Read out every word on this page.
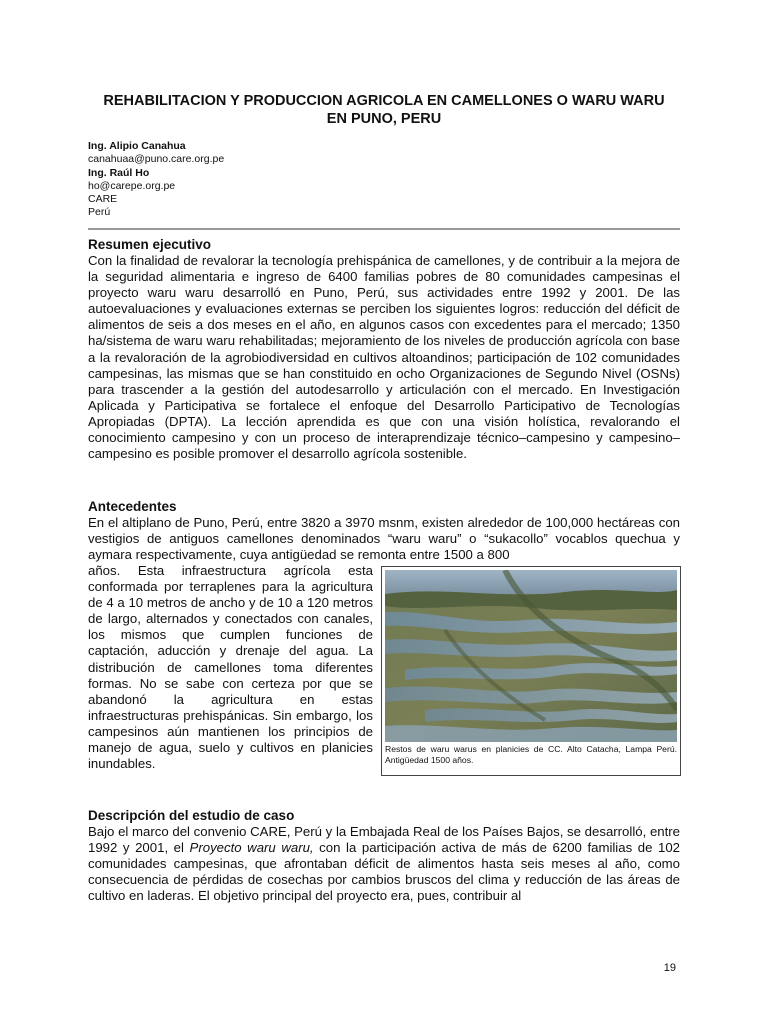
REHABILITACION Y PRODUCCION AGRICOLA EN CAMELLONES O WARU WARU
EN PUNO, PERU
Ing. Alipio Canahua
canahuaa@puno.care.org.pe
Ing. Raúl Ho
ho@carepe.org.pe
CARE
Perú
Resumen ejecutivo

Con la finalidad de revalorar la tecnología prehispánica de camellones, y de contribuir a la mejora de la seguridad alimentaria e ingreso de 6400 familias pobres de 80 comunidades campesinas el proyecto waru waru desarrolló en Puno, Perú, sus actividades entre 1992 y 2001. De las autoevaluaciones y evaluaciones externas se perciben los siguientes logros: reducción del déficit de alimentos de seis a dos meses en el año, en algunos casos con excedentes para el mercado; 1350 ha/sistema de waru waru rehabilitadas; mejoramiento de los niveles de producción agrícola con base a la revaloración de la agrobiodiversidad en cultivos altoandinos; participación de 102 comunidades campesinas, las mismas que se han constituido en ocho Organizaciones de Segundo Nivel (OSNs) para trascender a la gestión del autodesarrollo y articulación con el mercado. En Investigación Aplicada y Participativa se fortalece el enfoque del Desarrollo Participativo de Tecnologías Apropiadas (DPTA). La lección aprendida es que con una visión holística, revalorando el conocimiento campesino y con un proceso de interaprendizaje técnico–campesino y campesino–campesino es posible promover el desarrollo agrícola sostenible.

Antecedentes

En el altiplano de Puno, Perú, entre 3820 a 3970 msnm, existen alrededor de 100,000 hectáreas con vestigios de antiguos camellones denominados “waru waru” o “sukacollo” vocablos quechua y aymara respectivamente, cuya antigüedad se remonta entre 1500 a 800

años. Esta infraestructura agrícola esta conformada por terraplenes para la agricultura de 4 a 10 metros de ancho y de 10 a 120 metros de largo, alternados y conectados con canales, los mismos que cumplen funciones de captación, aducción y drenaje del agua. La distribución de camellones toma diferentes formas. No se sabe con certeza por que se abandonó la agricultura en estas infraestructuras prehispánicas. Sin embargo, los campesinos aún mantienen los principios de manejo de agua, suelo y cultivos en planicies inundables.

Restos de waru warus en planicies de CC. Alto Catacha, Lampa Perú. Antigüedad 1500 años.
Descripción del estudio de caso

Bajo el marco del convenio CARE, Perú y la Embajada Real de los Países Bajos, se desarrolló, entre 1992 y 2001, el Proyecto waru waru, con la participación activa de más de 6200 familias de 102 comunidades campesinas, que afrontaban déficit de alimentos hasta seis meses al año, como consecuencia de pérdidas de cosechas por cambios bruscos del clima y reducción de las áreas de cultivo en laderas. El objetivo principal del proyecto era, pues, contribuir al

19
